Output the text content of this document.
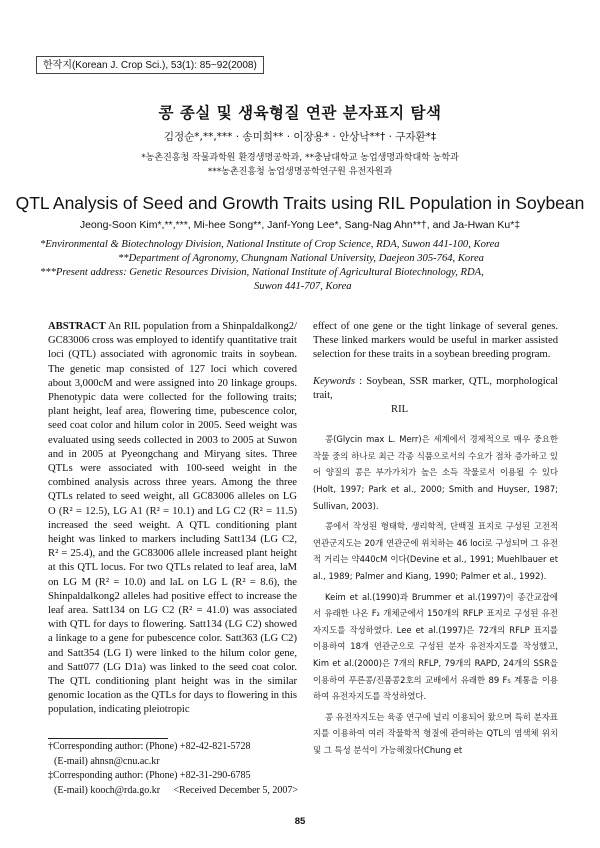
한작지(Korean J. Crop Sci.), 53(1): 85~92(2008)
콩 종실 및 생육형질 연관 분자표지 탐색
김정순*,**,*** · 송미희** · 이장용* · 안상낙**† · 구자환*‡
*농촌진흥청 작물과학원 환경생명공학과, **충남대학교 농업생명과학대학 농학과
***농촌진흥청 농업생명공학연구원 유전자원과
QTL Analysis of Seed and Growth Traits using RIL Population in Soybean
Jeong-Soon Kim*,**,***, Mi-hee Song**, Janf-Yong Lee*, Sang-Nag Ahn**†, and Ja-Hwan Ku*‡
*Environmental & Biotechnology Division, National Institute of Crop Science, RDA, Suwon 441-100, Korea
**Department of Agronomy, Chungnam National University, Daejeon 305-764, Korea
***Present address: Genetic Resources Division, National Institute of Agricultural Biotechnology, RDA,
Suwon 441-707, Korea

ABSTRACT An RIL population from a Shinpaldalkong2/ GC83006 cross was employed to identify quantitative trait loci (QTL) associated with agronomic traits in soybean. The genetic map consisted of 127 loci which covered about 3,000cM and were assigned into 20 linkage groups. Phenotypic data were collected for the following traits; plant height, leaf area, flowering time, pubescence color, seed coat color and hilum color in 2005. Seed weight was evaluated using seeds collected in 2003 to 2005 at Suwon and in 2005 at Pyeongchang and Miryang sites. Three QTLs were associated with 100-seed weight in the combined analysis across three years. Among the three QTLs related to seed weight, all GC83006 alleles on LG O (R² = 12.5), LG A1 (R² = 10.1) and LG C2 (R² = 11.5) increased the seed weight. A QTL conditioning plant height was linked to markers including Satt134 (LG C2, R² = 25.4), and the GC83006 allele increased plant height at this QTL locus. For two QTLs related to leaf area, laM on LG M (R² = 10.0) and laL on LG L (R² = 8.6), the Shinpaldalkong2 alleles had positive effect to increase the leaf area. Satt134 on LG C2 (R² = 41.0) was associated with QTL for days to flowering. Satt134 (LG C2) showed a linkage to a gene for pubescence color. Satt363 (LG C2) and Satt354 (LG I) were linked to the hilum color gene, and Satt077 (LG D1a) was linked to the seed coat color. The QTL conditioning plant height was in the similar genomic location as the QTLs for days to flowering in this population, indicating pleiotropic

effect of one gene or the tight linkage of several genes. These linked markers would be useful in marker assisted selection for these traits in a soybean breeding program.

Keywords : Soybean, SSR marker, QTL, morphological trait,

RIL

콩(Glycin max L. Merr)은 세계에서 경제적으로 매우 중요한 작물 중의 하나로 최근 각종 식품으로서의 수요가 점차 증가하고 있어 양질의 콩은 부가가치가 높은 소득 작물로서 이용될 수 있다(Holt, 1997; Park et al., 2000; Smith and Huyser, 1987; Sullivan, 2003).

콩에서 작성된 형태학, 생리학적, 단백질 표지로 구성된 고전적 연관군지도는 20개 연관군에 위치하는 46 loci로 구성되며 그 유전적 거리는 약440cM 이다(Devine et al., 1991; Muehlbauer et al., 1989; Palmer and Kiang, 1990; Palmer et al., 1992).

Keim et al.(1990)과 Brummer et al.(1997)이 종간교잡에서 유래한 나온 F₂ 개체군에서 150개의 RFLP 표지로 구성된 유전자지도를 작성하였다. Lee et al.(1997)은 72개의 RFLP 표지를 이용하여 18개 연관군으로 구성된 분자 유전자지도를 작성했고, Kim et al.(2000)은 7개의 RFLP, 79개의 RAPD, 24개의 SSR을 이용하여 푸른콩/진품콩2호의 교배에서 유래한 89 F₅ 계통을 이용하여 유전자지도를 작성하였다.

콩 유전자지도는 육종 연구에 널리 이용되어 왔으며 특히 분자표지를 이용하여 여러 작물학적 형질에 관여하는 QTL의 염색체 위치 및 그 특성 분석이 가능해졌다(Chung et

†Corresponding author: (Phone) +82-42-821-5728
(E-mail) ahnsn@cnu.ac.kr
‡Corresponding author: (Phone) +82-31-290-6785
(E-mail) kooch@rda.go.kr <Received December 5, 2007>
85
